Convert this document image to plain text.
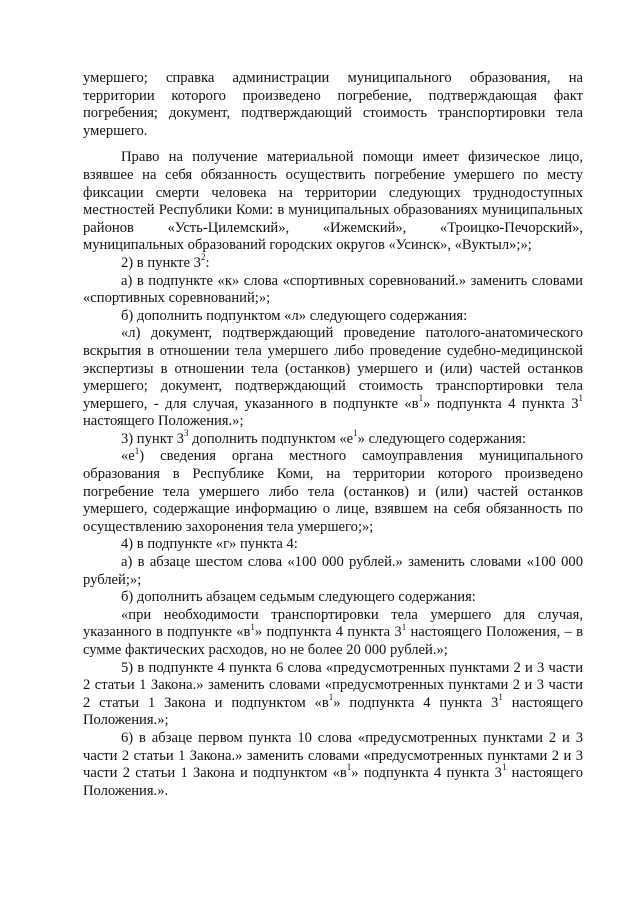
умершего; справка администрации муниципального образования, на территории которого произведено погребение, подтверждающая факт погребения; документ, подтверждающий стоимость транспортировки тела умершего.

Право на получение материальной помощи имеет физическое лицо, взявшее на себя обязанность осуществить погребение умершего по месту фиксации смерти человека на территории следующих труднодоступных местностей Республики Коми: в муниципальных образованиях муниципальных районов «Усть-Цилемский», «Ижемский», «Троицко-Печорский», муниципальных образований городских округов «Усинск», «Вуктыл»;»;

2) в пункте $3^2$:

а) в подпункте «к» слова «спортивных соревнований.» заменить словами «спортивных соревнований;»;

б) дополнить подпунктом «л» следующего содержания:

«л) документ, подтверждающий проведение патолого-анатомического вскрытия в отношении тела умершего либо проведение судебно-медицинской экспертизы в отношении тела (останков) умершего и (или) частей останков умершего; документ, подтверждающий стоимость транспортировки тела умершего, - для случая, указанного в подпункте «$в^1$» подпункта 4 пункта $3^1$ настоящего Положения.»;

3) пункт $3^3$ дополнить подпунктом «$е^1$» следующего содержания:

«$е^1$) сведения органа местного самоуправления муниципального образования в Республике Коми, на территории которого произведено погребение тела умершего либо тела (останков) и (или) частей останков умершего, содержащие информацию о лице, взявшем на себя обязанность по осуществлению захоронения тела умершего;»;

4) в подпункте «г» пункта 4:

а) в абзаце шестом слова «100 000 рублей.» заменить словами «100 000 рублей;»;

б) дополнить абзацем седьмым следующего содержания:

«при необходимости транспортировки тела умершего для случая, указанного в подпункте «$в^1$» подпункта 4 пункта $3^1$ настоящего Положения, – в сумме фактических расходов, но не более 20 000 рублей.»;

5) в подпункте 4 пункта 6 слова «предусмотренных пунктами 2 и 3 части 2 статьи 1 Закона.» заменить словами «предусмотренных пунктами 2 и 3 части 2 статьи 1 Закона и подпунктом «$в^1$» подпункта 4 пункта $3^1$ настоящего Положения.»;

6) в абзаце первом пункта 10 слова «предусмотренных пунктами 2 и 3 части 2 статьи 1 Закона.» заменить словами «предусмотренных пунктами 2 и 3 части 2 статьи 1 Закона и подпунктом «$в^1$» подпункта 4 пункта $3^1$ настоящего Положения.».
